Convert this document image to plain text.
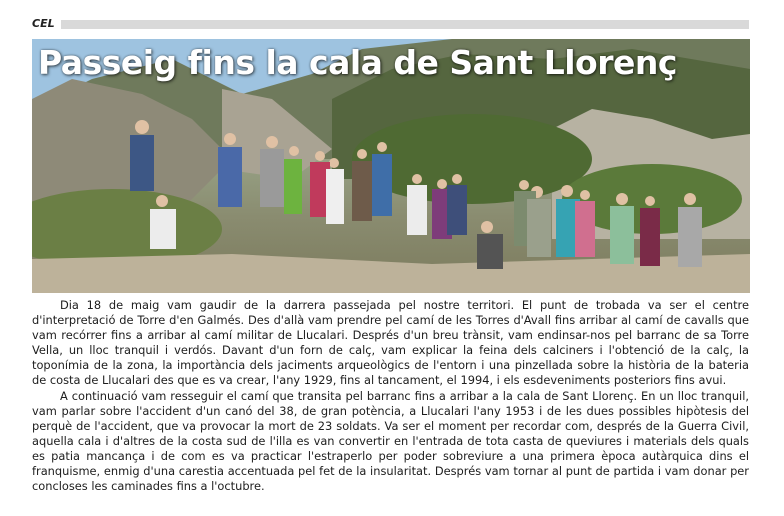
CEL
Passeig fins la cala de Sant Llorenç

Dia 18 de maig vam gaudir de la darrera passejada pel nostre territori. El punt de trobada va ser el centre d'interpretació de Torre d'en Galmés. Des d'allà vam prendre pel camí de les Torres d'Avall fins arribar al camí de cavalls que vam recórrer fins a arribar al camí militar de Llucalari. Després d'un breu trànsit, vam endinsar-nos pel barranc de sa Torre Vella, un lloc tranquil i verdós. Davant d'un forn de calç, vam explicar la feina dels calciners i l'obtenció de la calç, la toponímia de la zona, la importància dels jaciments arqueològics de l'entorn i una pinzellada sobre la història de la bateria de costa de Llucalari des que es va crear, l'any 1929, fins al tancament, el 1994, i els esdeveniments posteriors fins avui.

A continuació vam resseguir el camí que transita pel barranc fins a arribar a la cala de Sant Llorenç. En un lloc tranquil, vam parlar sobre l'accident d'un canó del 38, de gran potència, a Llucalari l'any 1953 i de les dues possibles hipòtesis del perquè de l'accident, que va provocar la mort de 23 soldats. Va ser el moment per recordar com, després de la Guerra Civil, aquella cala i d'altres de la costa sud de l'illa es van convertir en l'entrada de tota casta de queviures i materials dels quals es patia mancança i de com es va practicar l'estraperlo per poder sobreviure a una primera època autàrquica dins el franquisme, enmig d'una carestia accentuada pel fet de la insularitat. Després vam tornar al punt de partida i vam donar per concloses les caminades fins a l'octubre.
